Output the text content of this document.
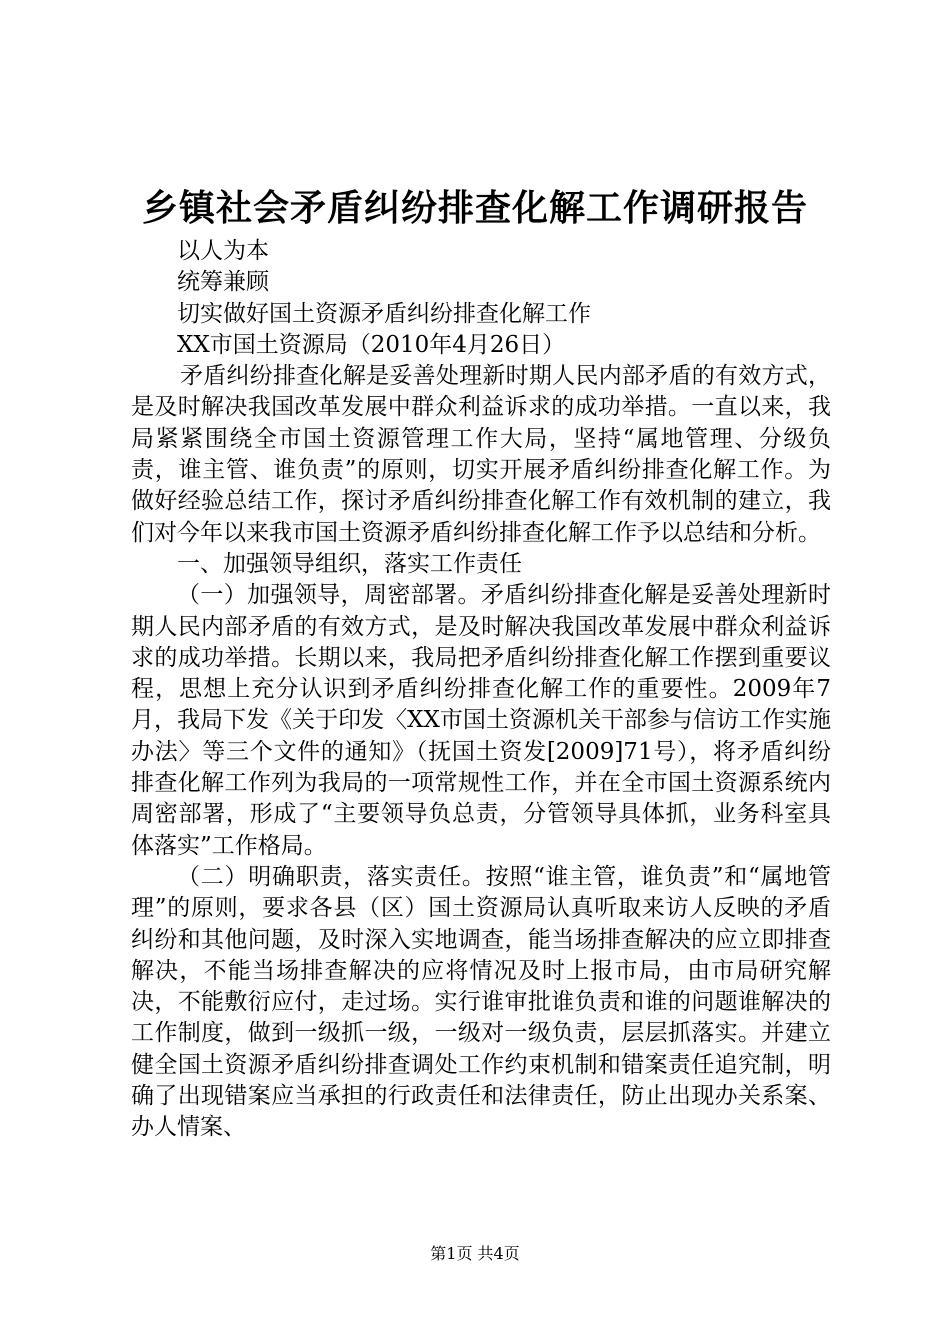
乡镇社会矛盾纠纷排查化解工作调研报告

以人为本

统筹兼顾

切实做好国土资源矛盾纠纷排查化解工作

XX市国土资源局（2010年4月26日）

矛盾纠纷排查化解是妥善处理新时期人民内部矛盾的有效方式，是及时解决我国改革发展中群众利益诉求的成功举措。一直以来，我局紧紧围绕全市国土资源管理工作大局，坚持“属地管理、分级负责，谁主管、谁负责”的原则，切实开展矛盾纠纷排查化解工作。为做好经验总结工作，探讨矛盾纠纷排查化解工作有效机制的建立，我们对今年以来我市国土资源矛盾纠纷排查化解工作予以总结和分析。

一、加强领导组织，落实工作责任

（一）加强领导，周密部署。矛盾纠纷排查化解是妥善处理新时期人民内部矛盾的有效方式，是及时解决我国改革发展中群众利益诉求的成功举措。长期以来，我局把矛盾纠纷排查化解工作摆到重要议程，思想上充分认识到矛盾纠纷排查化解工作的重要性。2009年7月，我局下发《关于印发〈XX市国土资源机关干部参与信访工作实施办法〉等三个文件的通知》（抚国土资发[2009]71号），将矛盾纠纷排查化解工作列为我局的一项常规性工作，并在全市国土资源系统内周密部署，形成了“主要领导负总责，分管领导具体抓，业务科室具体落实”工作格局。

（二）明确职责，落实责任。按照“谁主管，谁负责”和“属地管理”的原则，要求各县（区）国土资源局认真听取来访人反映的矛盾纠纷和其他问题，及时深入实地调查，能当场排查解决的应立即排查解决，不能当场排查解决的应将情况及时上报市局，由市局研究解决，不能敷衍应付，走过场。实行谁审批谁负责和谁的问题谁解决的工作制度，做到一级抓一级，一级对一级负责，层层抓落实。并建立健全国土资源矛盾纠纷排查调处工作约束机制和错案责任追究制，明确了出现错案应当承担的行政责任和法律责任，防止出现办关系案、办人情案、

第1页 共4页
